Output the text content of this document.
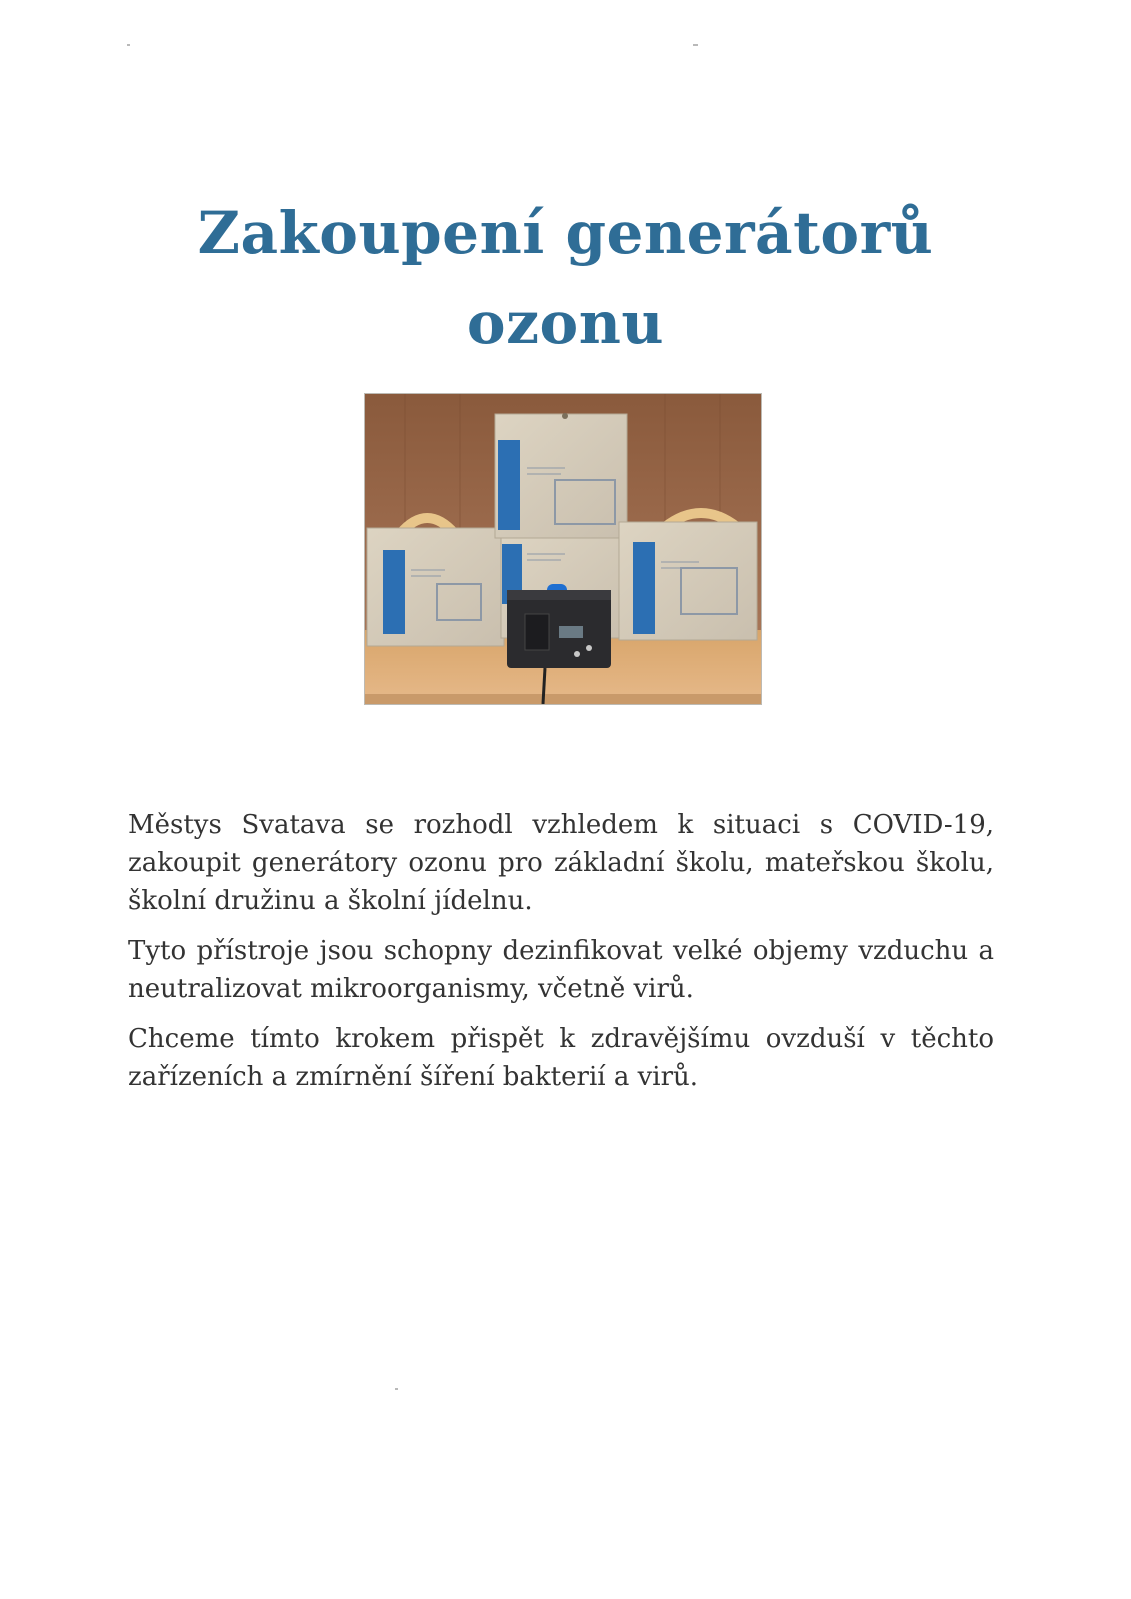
Zakoupení generátorů
ozonu

Městys Svatava se rozhodl vzhledem k situaci s COVID-19, zakoupit generátory ozonu pro základní školu, mateřskou školu, školní družinu a školní jídelnu.

Tyto přístroje jsou schopny dezinfikovat velké objemy vzduchu a neutralizovat mikroorganismy, včetně virů.

Chceme tímto krokem přispět k zdravějšímu ovzduší v těchto zařízeních a zmírnění šíření bakterií a virů.
